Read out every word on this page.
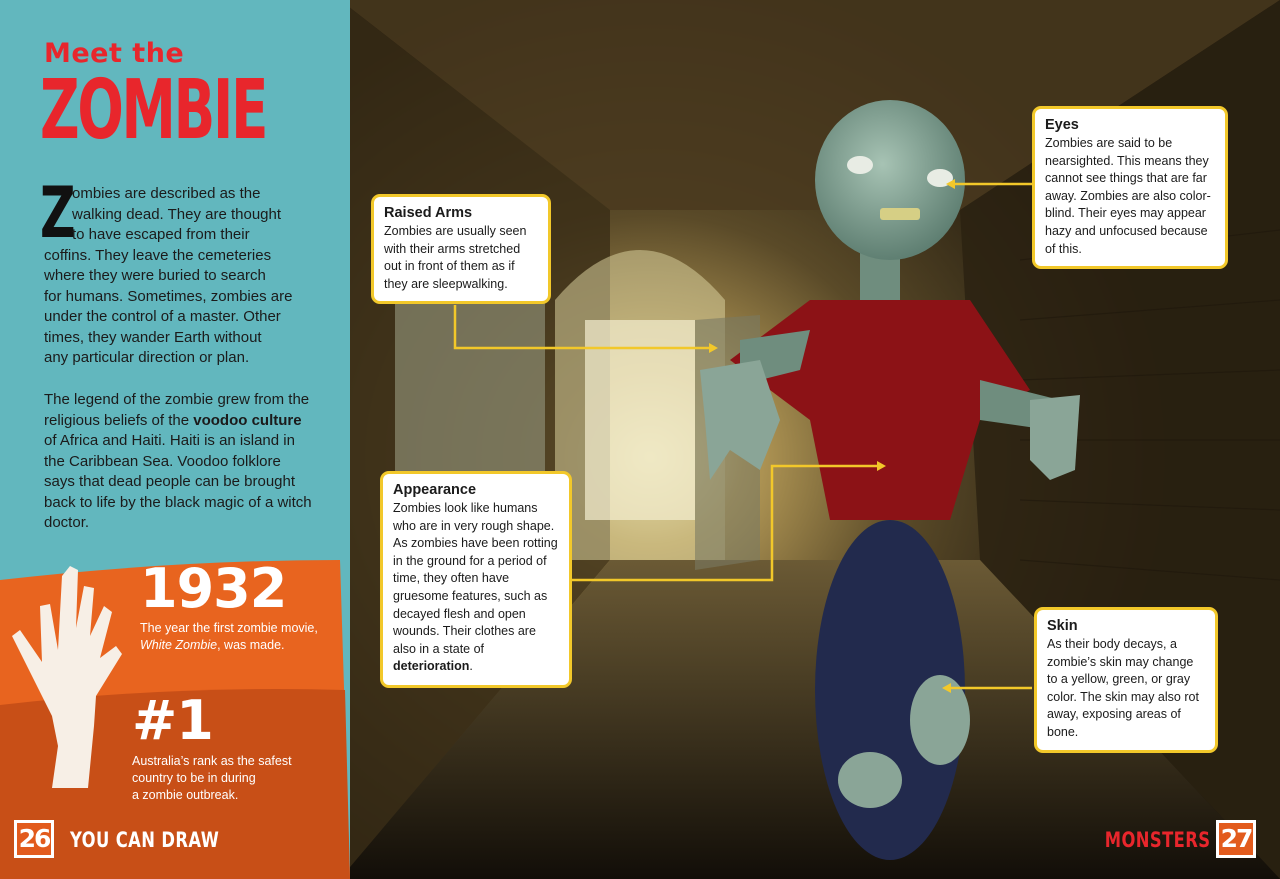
Meet the
ZOMBIE
Z
ombies are described as the
walking dead. They are thought
to have escaped from their
coffins. They leave the cemeteries
where they were buried to search
for humans. Sometimes, zombies are
under the control of a master. Other
times, they wander Earth without
any particular direction or plan.
The legend of the zombie grew from the religious beliefs of the voodoo culture of Africa and Haiti. Haiti is an island in the Caribbean Sea. Voodoo folklore says that dead people can be brought back to life by the black magic of a witch doctor.
1932
The year the first zombie movie,
White Zombie, was made.
#1
Australia’s rank as the safest
country to be in during
a zombie outbreak.
26 YOU CAN DRAW
Raised Arms
Zombies are usually seen with their arms stretched out in front of them as if they are sleepwalking.
Eyes
Zombies are said to be nearsighted. This means they cannot see things that are far away. Zombies are also color-blind. Their eyes may appear hazy and unfocused because of this.
Appearance
Zombies look like humans who are in very rough shape. As zombies have been rotting in the ground for a period of time, they often have gruesome features, such as decayed flesh and open wounds. Their clothes are also in a state of deterioration.
Skin
As their body decays, a zombie’s skin may change to a yellow, green, or gray color. The skin may also rot away, exposing areas of bone.
MONSTERS 27
